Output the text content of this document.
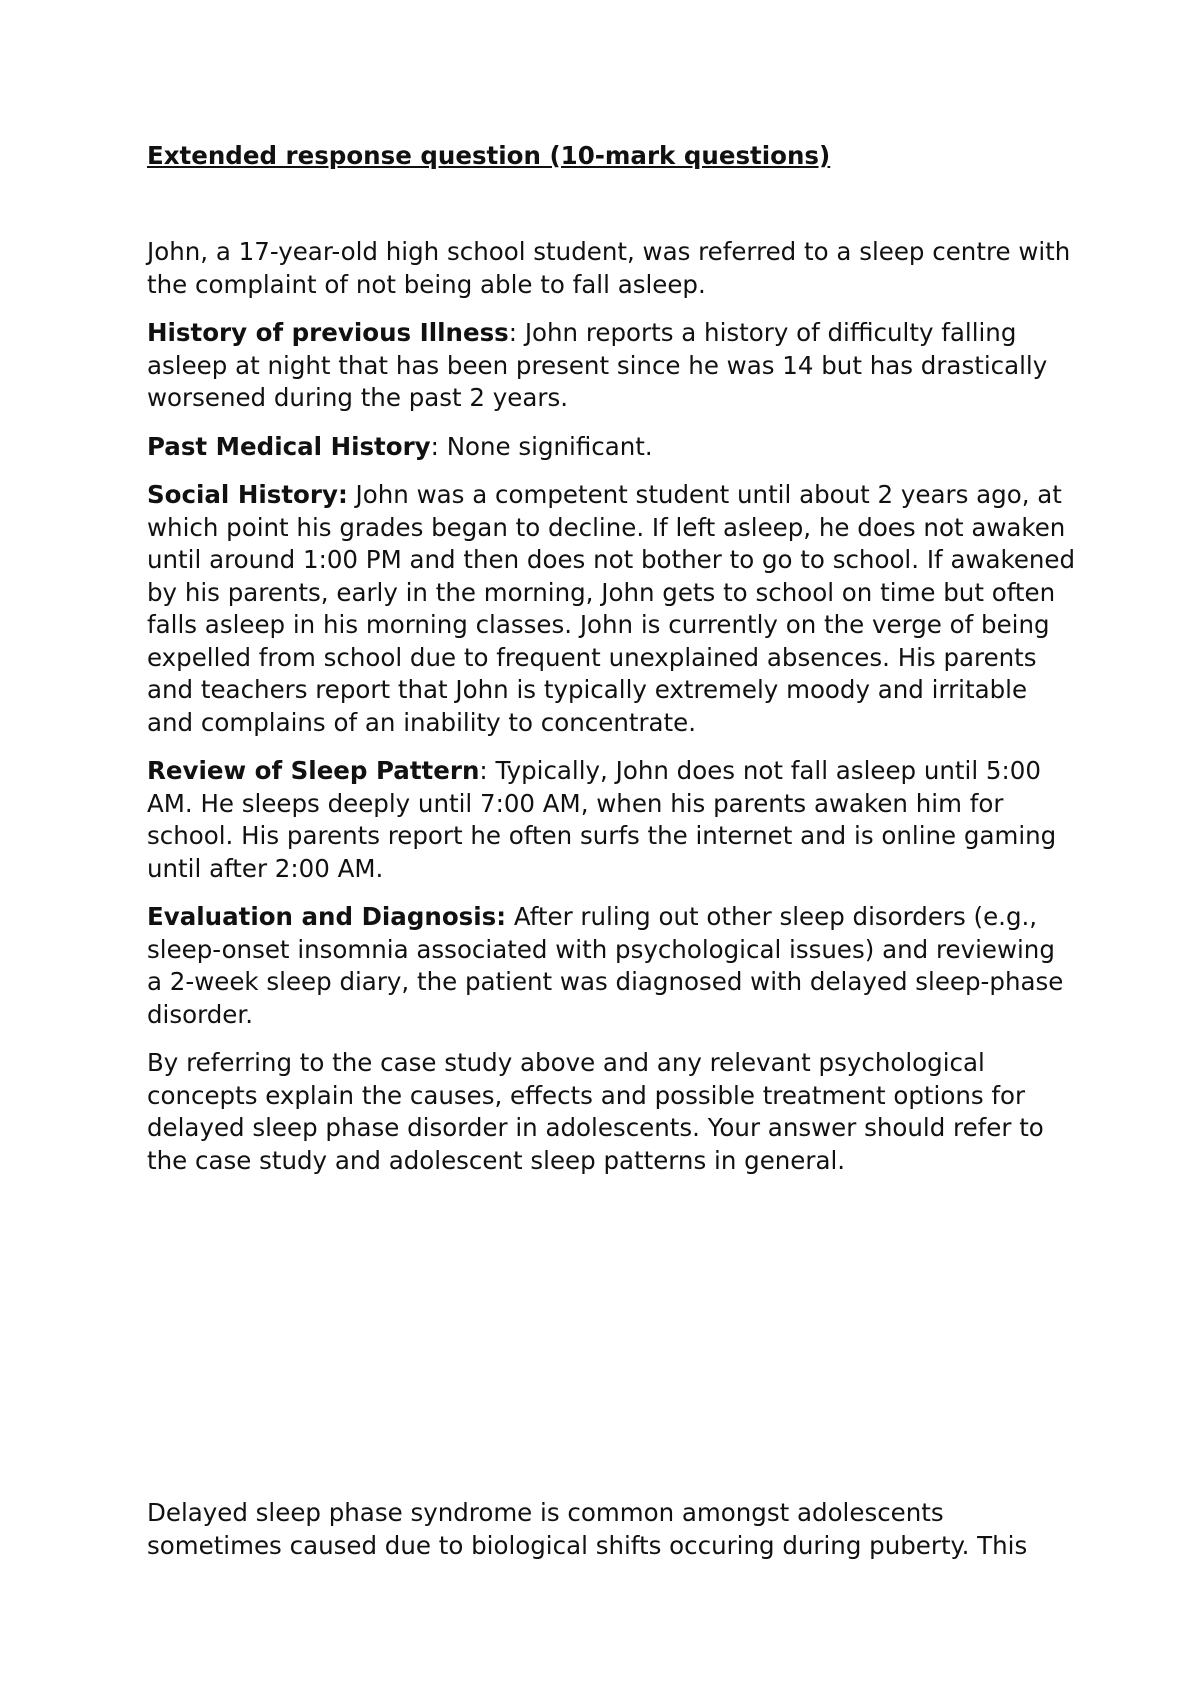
Extended response question (10-mark questions)

John, a 17-year-old high school student, was referred to a sleep centre with the complaint of not being able to fall asleep.

History of previous Illness: John reports a history of difficulty falling asleep at night that has been present since he was 14 but has drastically worsened during the past 2 years.

Past Medical History: None significant.

Social History: John was a competent student until about 2 years ago, at which point his grades began to decline. If left asleep, he does not awaken until around 1:00 PM and then does not bother to go to school. If awakened by his parents, early in the morning, John gets to school on time but often falls asleep in his morning classes. John is currently on the verge of being expelled from school due to frequent unexplained absences. His parents and teachers report that John is typically extremely moody and irritable and complains of an inability to concentrate.

Review of Sleep Pattern: Typically, John does not fall asleep until 5:00 AM. He sleeps deeply until 7:00 AM, when his parents awaken him for school. His parents report he often surfs the internet and is online gaming until after 2:00 AM.

Evaluation and Diagnosis: After ruling out other sleep disorders (e.g., sleep-onset insomnia associated with psychological issues) and reviewing a 2-week sleep diary, the patient was diagnosed with delayed sleep-phase disorder.

By referring to the case study above and any relevant psychological concepts explain the causes, effects and possible treatment options for delayed sleep phase disorder in adolescents. Your answer should refer to the case study and adolescent sleep patterns in general.

Delayed sleep phase syndrome is common amongst adolescents sometimes caused due to biological shifts occuring during puberty. This
